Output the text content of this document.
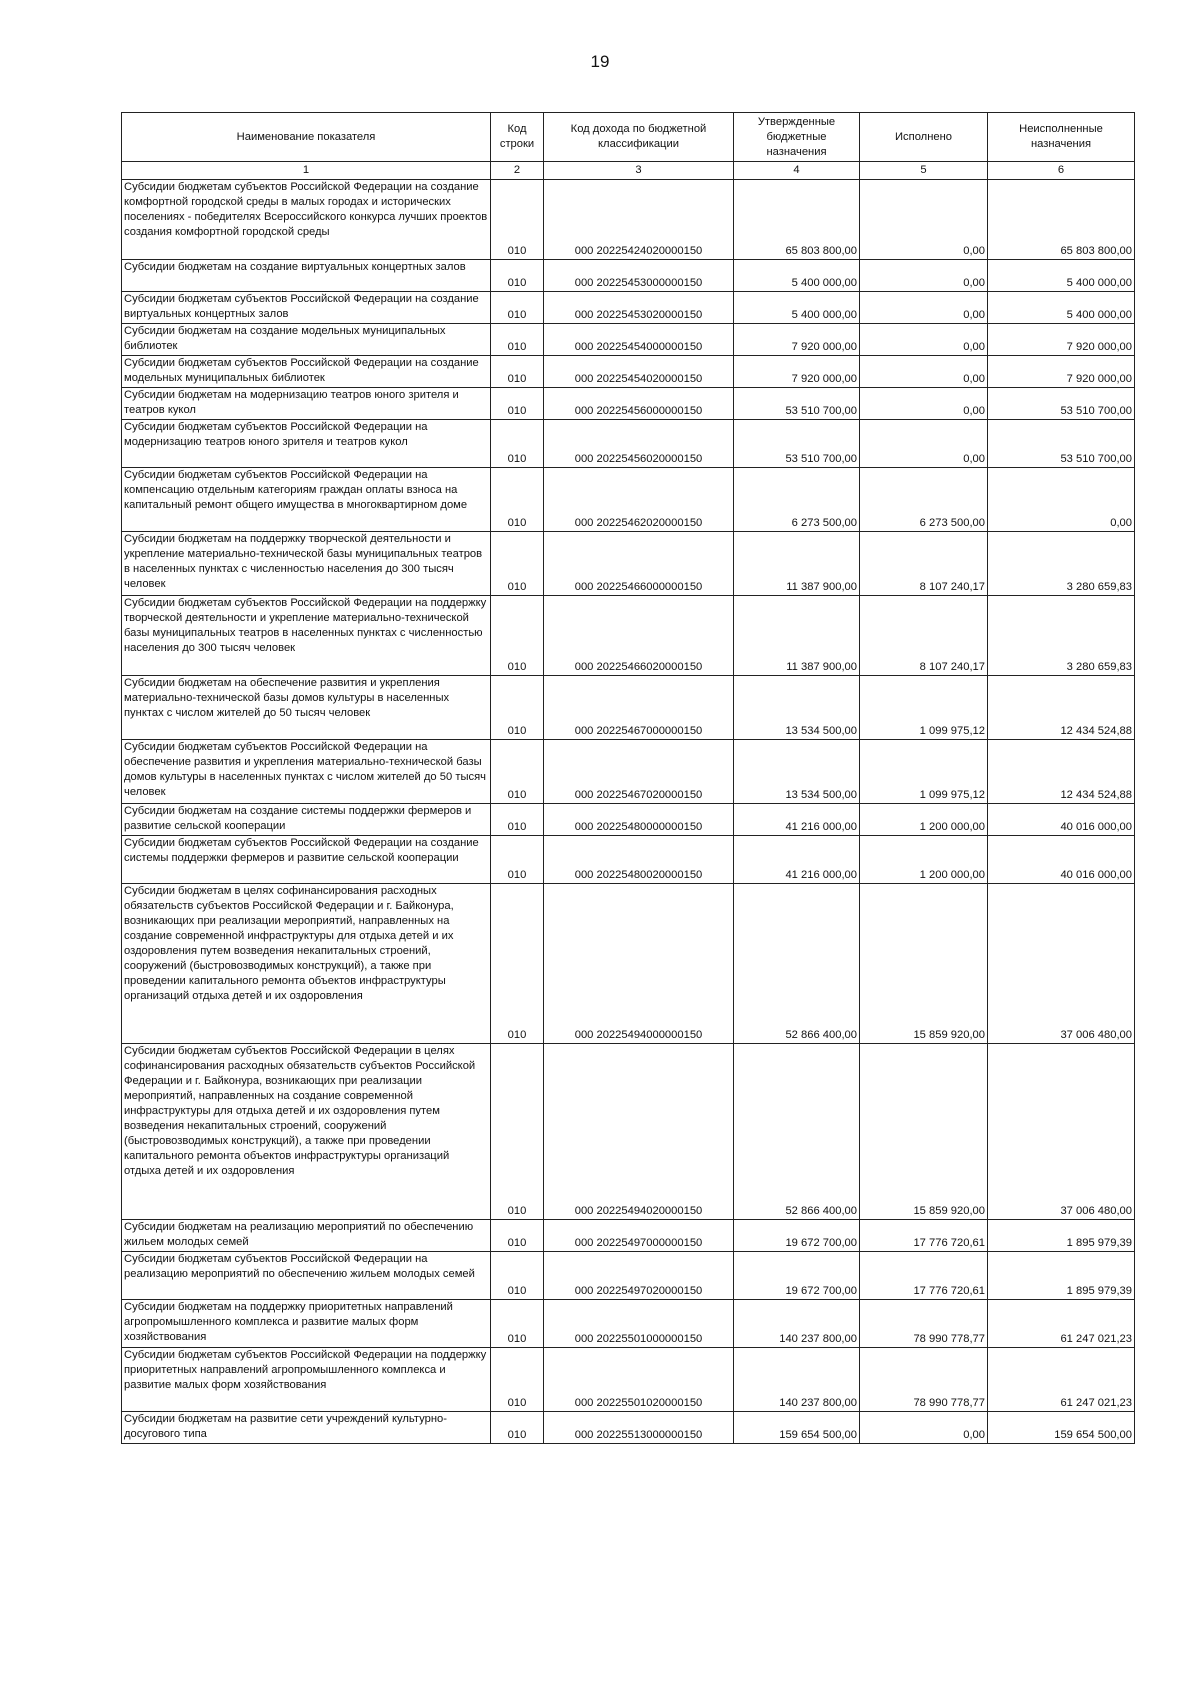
19
Наименование показателя	Код строки	Код дохода по бюджетной классификации	Утвержденные бюджетные назначения	Исполнено	Неисполненные назначения
1	2	3	4	5	6
Субсидии бюджетам субъектов Российской Федерации на создание комфортной городской среды в малых городах и исторических поселениях - победителях Всероссийского конкурса лучших проектов создания комфортной городской среды	010	000 20225424020000150	65 803 800,00	0,00	65 803 800,00
Субсидии бюджетам на создание виртуальных концертных залов	010	000 20225453000000150	5 400 000,00	0,00	5 400 000,00
Субсидии бюджетам субъектов Российской Федерации на создание виртуальных концертных залов	010	000 20225453020000150	5 400 000,00	0,00	5 400 000,00
Субсидии бюджетам на создание модельных муниципальных библиотек	010	000 20225454000000150	7 920 000,00	0,00	7 920 000,00
Субсидии бюджетам субъектов Российской Федерации на создание модельных муниципальных библиотек	010	000 20225454020000150	7 920 000,00	0,00	7 920 000,00
Субсидии бюджетам на модернизацию театров юного зрителя и театров кукол	010	000 20225456000000150	53 510 700,00	0,00	53 510 700,00
Субсидии бюджетам субъектов Российской Федерации на модернизацию театров юного зрителя и театров кукол	010	000 20225456020000150	53 510 700,00	0,00	53 510 700,00
Субсидии бюджетам субъектов Российской Федерации на компенсацию отдельным категориям граждан оплаты взноса на капитальный ремонт общего имущества в многоквартирном доме	010	000 20225462020000150	6 273 500,00	6 273 500,00	0,00
Субсидии бюджетам на поддержку творческой деятельности и укрепление материально-технической базы муниципальных театров в населенных пунктах с численностью населения до 300 тысяч человек	010	000 20225466000000150	11 387 900,00	8 107 240,17	3 280 659,83
Субсидии бюджетам субъектов Российской Федерации на поддержку творческой деятельности и укрепление материально-технической базы муниципальных театров в населенных пунктах с численностью населения до 300 тысяч человек	010	000 20225466020000150	11 387 900,00	8 107 240,17	3 280 659,83
Субсидии бюджетам на обеспечение развития и укрепления материально-технической базы домов культуры в населенных пунктах с числом жителей до 50 тысяч человек	010	000 20225467000000150	13 534 500,00	1 099 975,12	12 434 524,88
Субсидии бюджетам субъектов Российской Федерации на обеспечение развития и укрепления материально-технической базы домов культуры в населенных пунктах с числом жителей до 50 тысяч человек	010	000 20225467020000150	13 534 500,00	1 099 975,12	12 434 524,88
Субсидии бюджетам на создание системы поддержки фермеров и развитие сельской кооперации	010	000 20225480000000150	41 216 000,00	1 200 000,00	40 016 000,00
Субсидии бюджетам субъектов Российской Федерации на создание системы поддержки фермеров и развитие сельской кооперации	010	000 20225480020000150	41 216 000,00	1 200 000,00	40 016 000,00
Субсидии бюджетам в целях софинансирования расходных обязательств субъектов Российской Федерации и г. Байконура, возникающих при реализации мероприятий, направленных на создание современной инфраструктуры для отдыха детей и их оздоровления путем возведения некапитальных строений, сооружений (быстровозводимых конструкций), а также при проведении капитального ремонта объектов инфраструктуры организаций отдыха детей и их оздоровления	010	000 20225494000000150	52 866 400,00	15 859 920,00	37 006 480,00
Субсидии бюджетам субъектов Российской Федерации в целях софинансирования расходных обязательств субъектов Российской Федерации и г. Байконура, возникающих при реализации мероприятий, направленных на создание современной инфраструктуры для отдыха детей и их оздоровления путем возведения некапитальных строений, сооружений (быстровозводимых конструкций), а также при проведении капитального ремонта объектов инфраструктуры организаций отдыха детей и их оздоровления	010	000 20225494020000150	52 866 400,00	15 859 920,00	37 006 480,00
Субсидии бюджетам на реализацию мероприятий по обеспечению жильем молодых семей	010	000 20225497000000150	19 672 700,00	17 776 720,61	1 895 979,39
Субсидии бюджетам субъектов Российской Федерации на реализацию мероприятий по обеспечению жильем молодых семей	010	000 20225497020000150	19 672 700,00	17 776 720,61	1 895 979,39
Субсидии бюджетам на поддержку приоритетных направлений агропромышленного комплекса и развитие малых форм хозяйствования	010	000 20225501000000150	140 237 800,00	78 990 778,77	61 247 021,23
Субсидии бюджетам субъектов Российской Федерации на поддержку приоритетных направлений агропромышленного комплекса и развитие малых форм хозяйствования	010	000 20225501020000150	140 237 800,00	78 990 778,77	61 247 021,23
Субсидии бюджетам на развитие сети учреждений культурно-досугового типа	010	000 20225513000000150	159 654 500,00	0,00	159 654 500,00
